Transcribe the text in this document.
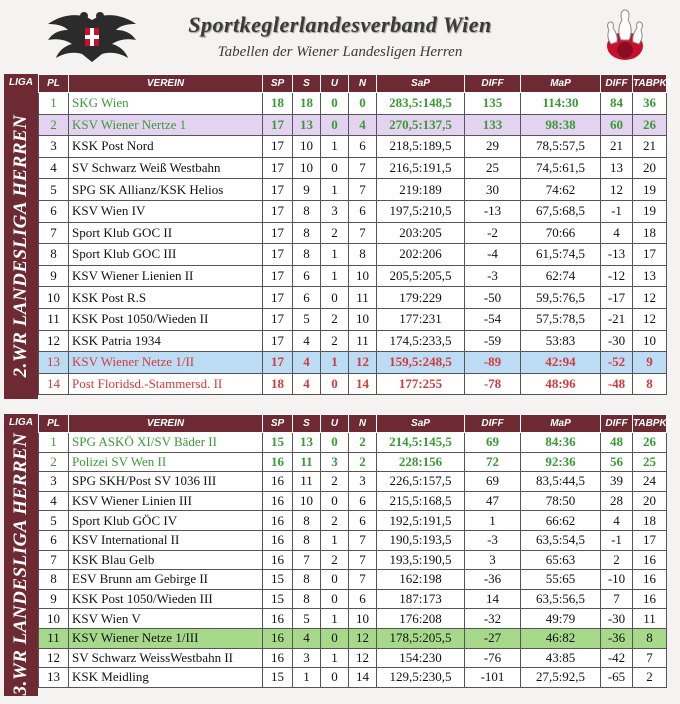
Sportkeglerlandesverband Wien
Tabellen der Wiener Landesligen Herren
LIGA
2.WR LANDESLIGA HERREN
PL	VEREIN	SP	S	U	N	SaP	DIFF	MaP	DIFF	TABPKT
1	SKG Wien	18	18	0	0	283,5:148,5	135	114:30	84	36
2	KSV Wiener Nertze 1	17	13	0	4	270,5:137,5	133	98:38	60	26
3	KSK Post Nord	17	10	1	6	218,5:189,5	29	78,5:57,5	21	21
4	SV Schwarz Weiß Westbahn	17	10	0	7	216,5:191,5	25	74,5:61,5	13	20
5	SPG SK Allianz/KSK Helios	17	9	1	7	219:189	30	74:62	12	19
6	KSV Wien IV	17	8	3	6	197,5:210,5	-13	67,5:68,5	-1	19
7	Sport Klub GOC II	17	8	2	7	203:205	-2	70:66	4	18
8	Sport Klub GOC III	17	8	1	8	202:206	-4	61,5:74,5	-13	17
9	KSV Wiener Lienien II	17	6	1	10	205,5:205,5	-3	62:74	-12	13
10	KSK Post R.S	17	6	0	11	179:229	-50	59,5:76,5	-17	12
11	KSK Post 1050/Wieden II	17	5	2	10	177:231	-54	57,5:78,5	-21	12
12	KSK Patria 1934	17	4	2	11	174,5:233,5	-59	53:83	-30	10
13	KSV Wiener Netze 1/II	17	4	1	12	159,5:248,5	-89	42:94	-52	9
14	Post Floridsd.-Stammersd. II	18	4	0	14	177:255	-78	48:96	-48	8
LIGA
3.WR LANDESLIGA HERREN
PL	VEREIN	SP	S	U	N	SaP	DIFF	MaP	DIFF	TABPKT
1	SPG ASKÖ XI/SV Bäder II	15	13	0	2	214,5:145,5	69	84:36	48	26
2	Polizei SV Wen II	16	11	3	2	228:156	72	92:36	56	25
3	SPG SKH/Post SV 1036 III	16	11	2	3	226,5:157,5	69	83,5:44,5	39	24
4	KSV Wiener Linien III	16	10	0	6	215,5:168,5	47	78:50	28	20
5	Sport Klub GÖC IV	16	8	2	6	192,5:191,5	1	66:62	4	18
6	KSV International II	16	8	1	7	190,5:193,5	-3	63,5:54,5	-1	17
7	KSK Blau Gelb	16	7	2	7	193,5:190,5	3	65:63	2	16
8	ESV Brunn am Gebirge II	15	8	0	7	162:198	-36	55:65	-10	16
9	KSK Post 1050/Wieden III	15	8	0	6	187:173	14	63,5:56,5	7	16
10	KSV Wien V	16	5	1	10	176:208	-32	49:79	-30	11
11	KSV Wiener Netze 1/III	16	4	0	12	178,5:205,5	-27	46:82	-36	8
12	SV Schwarz WeissWestbahn II	16	3	1	12	154:230	-76	43:85	-42	7
13	KSK Meidling	15	1	0	14	129,5:230,5	-101	27,5:92,5	-65	2
